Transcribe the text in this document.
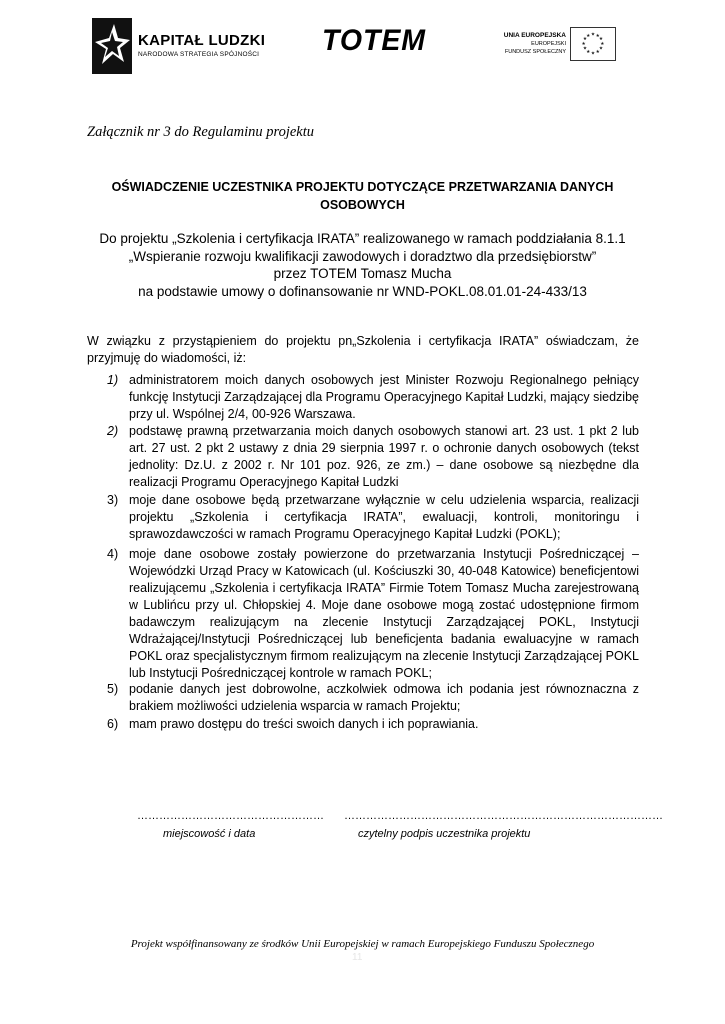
KAPITAŁ LUDZKI
NARODOWA STRATEGIA SPÓJNOŚCI TOTEM	UNIA EUROPEJSKA
EUROPEJSKI
FUNDUSZ SPOŁECZNY
★ ★
★
★
★
★
★
★
★
★
★
★
Załącznik nr 3 do Regulaminu projektu
OŚWIADCZENIE UCZESTNIKA PROJEKTU DOTYCZĄCE PRZETWARZANIA DANYCH OSOBOWYCH
Do projektu „Szkolenia i certyfikacja IRATA” realizowanego w ramach poddziałania 8.1.1
„Wspieranie rozwoju kwalifikacji zawodowych i doradztwo dla przedsiębiorstw”
przez TOTEM Tomasz Mucha
na podstawie umowy o dofinansowanie nr WND-POKL.08.01.01-24-433/13
W związku z przystąpieniem do projektu pn„Szkolenia i certyfikacja IRATA” oświadczam, że przyjmuję do wiadomości, iż:
1) administratorem moich danych osobowych jest Minister Rozwoju Regionalnego pełniący funkcję Instytucji Zarządzającej dla Programu Operacyjnego Kapitał Ludzki, mający siedzibę przy ul. Wspólnej 2/4, 00-926 Warszawa.
2) podstawę prawną przetwarzania moich danych osobowych stanowi art. 23 ust. 1 pkt 2 lub art. 27 ust. 2 pkt 2 ustawy z dnia 29 sierpnia 1997 r. o ochronie danych osobowych (tekst jednolity: Dz.U. z 2002 r. Nr 101 poz. 926, ze zm.) – dane osobowe są niezbędne dla realizacji Programu Operacyjnego Kapitał Ludzki
3) moje dane osobowe będą przetwarzane wyłącznie w celu udzielenia wsparcia, realizacji projektu „Szkolenia i certyfikacja IRATA”, ewaluacji, kontroli, monitoringu i sprawozdawczości w ramach Programu Operacyjnego Kapitał Ludzki (POKL);
4) moje dane osobowe zostały powierzone do przetwarzania Instytucji Pośredniczącej – Wojewódzki Urząd Pracy w Katowicach (ul. Kościuszki 30, 40-048 Katowice) beneficjentowi realizującemu „Szkolenia i certyfikacja IRATA” Firmie Totem Tomasz Mucha zarejestrowaną w Lublińcu przy ul. Chłopskiej 4. Moje dane osobowe mogą zostać udostępnione firmom badawczym realizującym na zlecenie Instytucji Zarządzającej POKL, Instytucji Wdrażającej/Instytucji Pośredniczącej lub beneficjenta badania ewaluacyjne w ramach POKL oraz specjalistycznym firmom realizującym na zlecenie Instytucji Zarządzającej POKL lub Instytucji Pośredniczącej kontrole w ramach POKL;
5) podanie danych jest dobrowolne, aczkolwiek odmowa ich podania jest równoznaczna z brakiem możliwości udzielenia wsparcia w ramach Projektu;
6) mam prawo dostępu do treści swoich danych i ich poprawiania.
…………………………………………… ……………………………………………………………………………
miejscowość i data	czytelny podpis uczestnika projektu
Projekt współfinansowany ze środków Unii Europejskiej w ramach Europejskiego Funduszu Społecznego
11
